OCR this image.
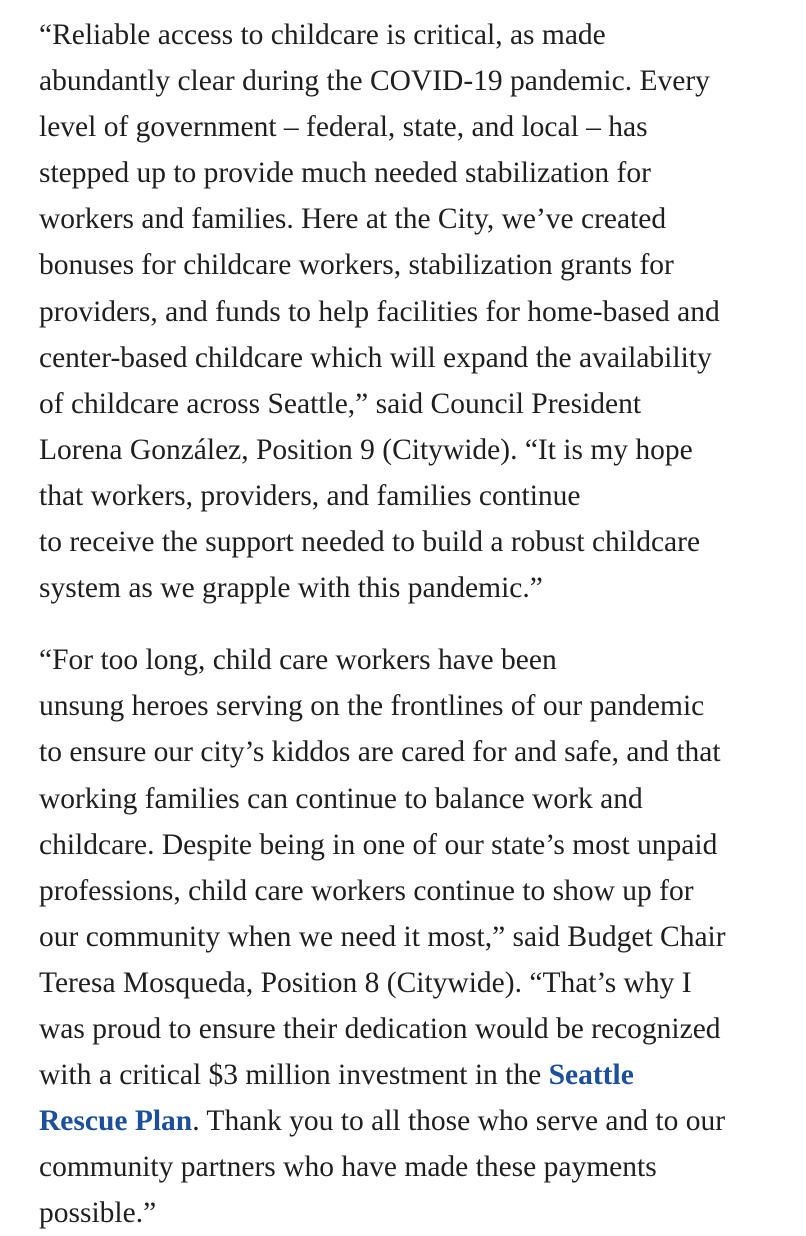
“Reliable access to childcare is critical, as made
abundantly clear during the COVID-19 pandemic. Every
level of government – federal, state, and local – has
stepped up to provide much needed stabilization for
workers and families. Here at the City, we’ve created
bonuses for childcare workers, stabilization grants for
providers, and funds to help facilities for home-based and
center-based childcare which will expand the availability
of childcare across Seattle,” said Council President
Lorena González, Position 9 (Citywide). “It is my hope
that workers, providers, and families continue
to receive the support needed to build a robust childcare
system as we grapple with this pandemic.”

“For too long, child care workers have been
unsung heroes serving on the frontlines of our pandemic
to ensure our city’s kiddos are cared for and safe, and that
working families can continue to balance work and
childcare. Despite being in one of our state’s most unpaid
professions, child care workers continue to show up for
our community when we need it most,” said Budget Chair
Teresa Mosqueda, Position 8 (Citywide). “That’s why I
was proud to ensure their dedication would be recognized
with a critical $3 million investment in the Seattle
Rescue Plan. Thank you to all those who serve and to our
community partners who have made these payments
possible.”
